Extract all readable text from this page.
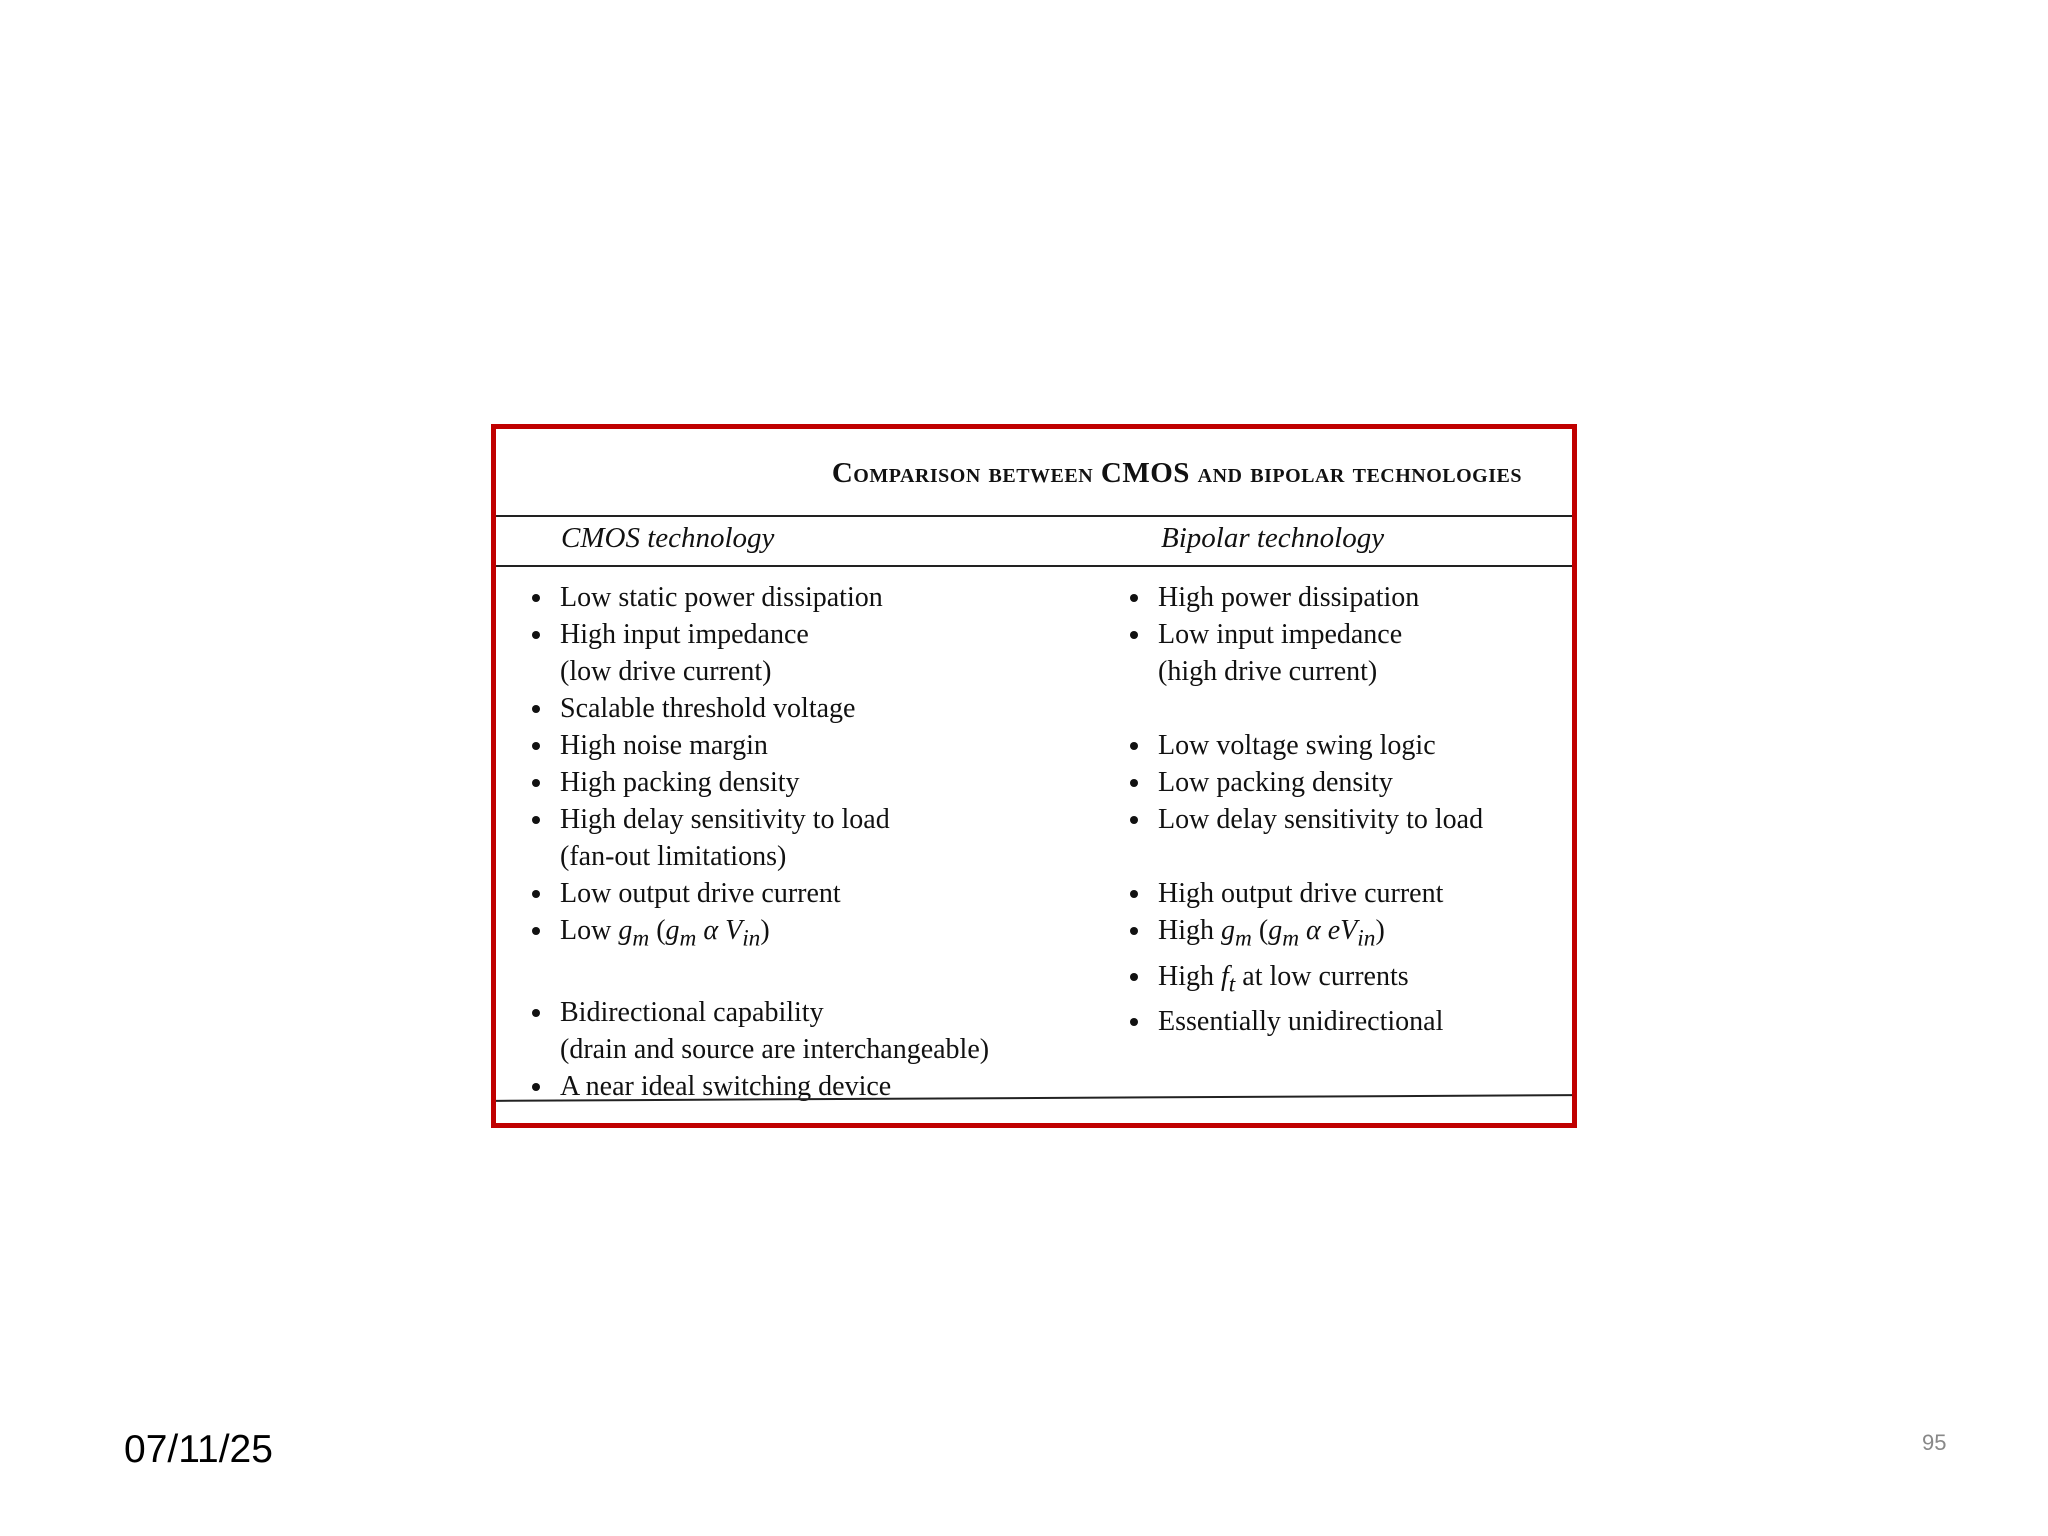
Comparison between CMOS and bipolar technologies
CMOS technology	Bipolar technology
Low static power dissipation
High input impedance
(low drive current)
Scalable threshold voltage
High noise margin
High packing density
High delay sensitivity to load
(fan-out limitations)
Low output drive current
Low $g_m$ ($g_m$ α $V_{in}$)
Bidirectional capability
(drain and source are interchangeable)
A near ideal switching device
High power dissipation
Low input impedance
(high drive current)
Low voltage swing logic
Low packing density
Low delay sensitivity to load
High output drive current
High $g_m$ ($g_m$ α $eV_{in}$)
High $f_t$ at low currents
Essentially unidirectional
07/11/25	95
